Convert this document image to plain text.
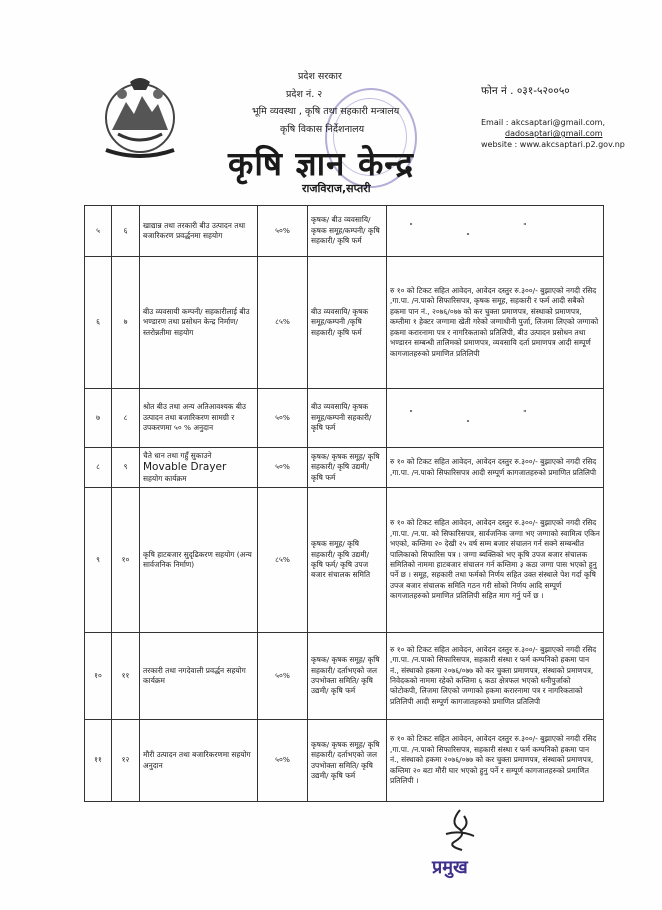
प्रदेश सरकार
प्रदेश नं. २
भूमि व्यवस्था , कृषि तथा सहकारी मन्त्रालय
कृषि विकास निर्देशनालय
कृषि ज्ञान केन्द्र
राजविराज,सप्तरी
फोन नं . ०३१-५२००५०
Email : akcsaptari@gmail.com,
dadosaptari@gmail.com
website : www.akcsaptari.p2.gov.np
५	६	खाद्यान्न तथा तरकारी बीउ उत्पादन तथा बजारिकरण प्रवर्द्धनमा सहयोग	५०%	कृषक/ बीउ व्यवसायि/ कृषक समूह/कम्पनी/ कृषि सहकारी/ कृषि फर्म	" " "
६	७	बीउ व्यवसायी कम्पनी/ सहकारीलाई बीउ भण्डारण तथा प्रसोधन केन्द्र निर्माण/स्तरोन्नतीमा सहयोग	८५%	बीउ व्यवसायि/ कृषक समूह/कम्पनी /कृषि सहकारी/ कृषि फर्म	रु १० को टिकट सहित आवेदन, आवेदन दस्तुर रु.३००/- बुझाएको नगदी रसिद ,गा.पा. /न.पाको सिफारिसपत्र, कृषक समूह, सहकारी र फर्म आदी सबैको हकमा पान नं., २०७६/०७७ को कर चुक्ता प्रमाणपत्र, संस्थाको प्रमाणपत्र, कम्तीमा १ हेक्टर जग्गामा खेती गरेको जग्गाधीनी पुर्जा, लिजमा लिएको जग्गाको हकमा करारनामा पत्र र नागरिकताको प्रतिलिपी, बीउ उत्पादन प्रसोधन तथा भण्डारन सम्बन्धी तालिमको प्रमाणपत्र, व्यवसायि दर्ता प्रमाणपत्र आदी सम्पूर्ण कागजातहरुको प्रमाणित प्रतिलिपी
७	८	श्रोत बीउ तथा अन्य अतिआवश्यक बीउ उत्पादन तथा बजारिकरण सामग्री र उपकरणमा ५० % अनुदान	५०%	बीउ व्यवसायि/ कृषक समूह/कम्पनी सहकारी/ कृषि फर्म	" " "
८	९	चैते धान तथा गहुँ सुकाउने
Movable Drayer
सहयोग कार्यक्रम	५०%	कृषक/ कृषक समूह/ कृषि सहकारी/ कृषि उद्यमी/ कृषि फर्म	रु १० को टिकट सहित आवेदन, आवेदन दस्तुर रु.३००/- बुझाएको नगदी रसिद ,गा.पा. /न.पाको सिफारिसपत्र आदी सम्पूर्ण कागजातहरुको प्रमाणित प्रतिलिपी
९	१०	कृषि हाटबजार सुदृढिकरण सहयोग (अन्य सार्वजनिक निर्माण)	८५%	कृषक समूह/ कृषि सहकारी/ कृषि उद्यमी/ कृषि फर्म/ कृषि उपज बजार संचालक समिति	रु १० को टिकट सहित आवेदन, आवेदन दस्तुर रु.३००/- बुझाएको नगदी रसिद ,गा.पा. /न.पा. को सिफारिसपत्र, सार्वजनिक जग्गा भए जग्गाको स्वामित्व एकिन भएको, कम्तिमा २० देखी २५ वर्ष सम्म बजार संचालन गर्न सक्ने सम्बन्धीत पालिकाको सिफारिस पत्र । जग्गा ब्यक्तिको भए कृषि उपज बजार संचालक समितिको नाममा हाटबजार संचालन गर्न कम्तिमा ३ कठा जग्गा पास भएको हुनु पर्ने छ । समूह, सहकारी तथा फर्मको निर्णय सहित उक्त संस्थाले पेश गर्दा कृषि उपज बजार संचालक समिति गठन गरी सोको निर्णय आदि सम्पूर्ण कागजातहरुको प्रमाणित प्रतिलिपी सहित माग गर्नु पर्ने छ ।
१०	११	तरकारी तथा नगदेवाली प्रवर्द्धन सहयोग कार्यक्रम	५०%	कृषक/ कृषक समूह/ कृषि सहकारी/ दर्ताभएको जल उपभोक्ता समिति/ कृषि उद्यमी/ कृषि फर्म	रु १० को टिकट सहित आवेदन, आवेदन दस्तुर रु.३००/- बुझाएको नगदी रसिद ,गा.पा. /न.पाको सिफारिसपत्र, सहकारी संस्था र फर्म कम्पनिको हकमा पान नं., संस्थाको हकमा २०७६/०७७ को कर चुक्ता प्रमाणपत्र, संस्थाको प्रमाणपत्र, निवेदकको नाममा रहेको कम्तिमा ६ कठा क्षेत्रफल भएको धनीपुर्जाको फोटोकपी, लिजमा लिएको जग्गाको हकमा करारनामा पत्र र नागरिकताको प्रतिलिपी आदी सम्पूर्ण कागजातहरुको प्रमाणित प्रतिलिपी
११	१२	मौरी उत्पादन तथा बजारिकरणमा सहयोग अनुदान	५०%	कृषक/ कृषक समूह/ कृषि सहकारी/ दर्ताभएको जल उपभोक्ता समिति/ कृषि उद्यमी/ कृषि फर्म	रु १० को टिकट सहित आवेदन, आवेदन दस्तुर रु.३००/- बुझाएको नगदी रसिद ,गा.पा. /न.पाको सिफारिसपत्र, सहकारी संस्था र फर्म कम्पनिको हकमा पान नं., संस्थाको हकमा २०७६/०७७ को कर चुक्ता प्रमाणपत्र, संस्थाको प्रमाणपत्र, कम्तिमा २० बटा मौरी घार भएको हुनु पर्ने र सम्पूर्ण कागजातहरुको प्रमाणित प्रतिलिपी ।
प्रमुख
